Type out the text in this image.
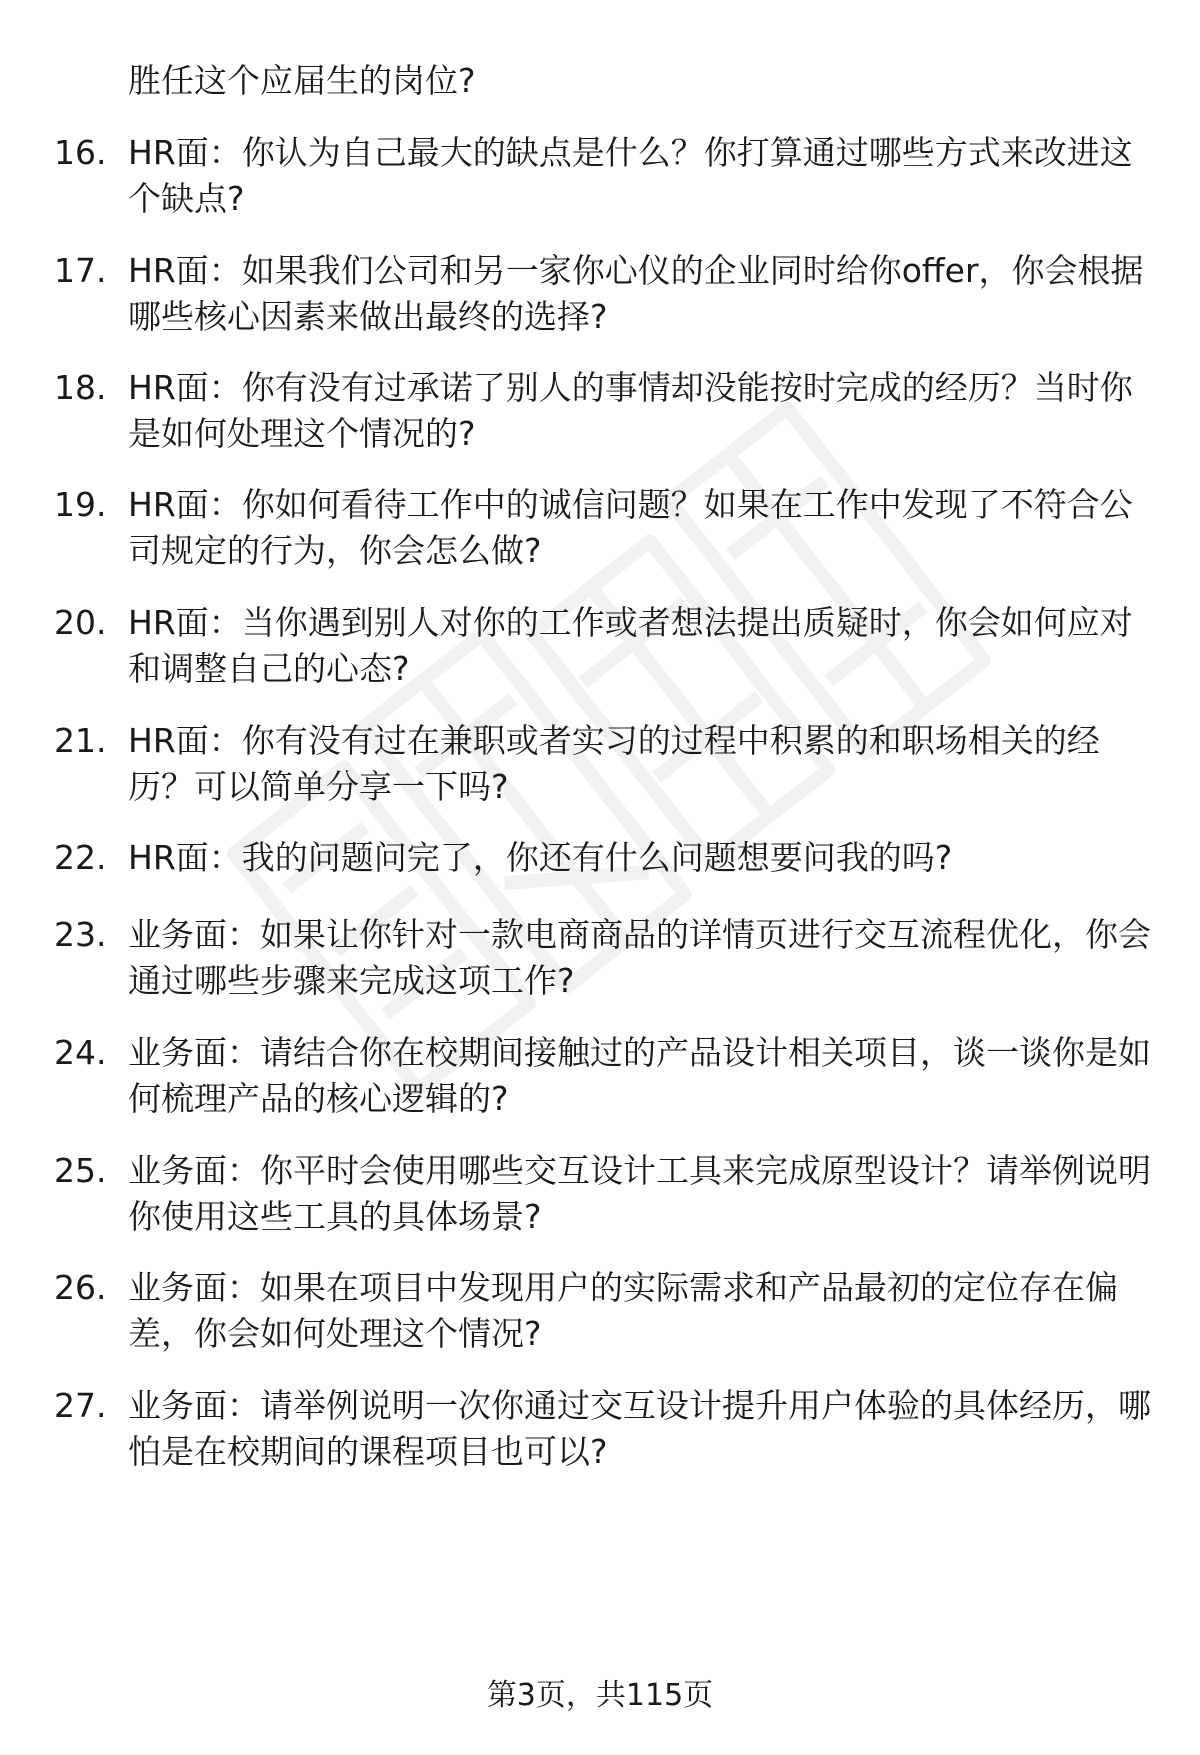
胜任这个应届生的岗位?
16. HR面：你认为自己最大的缺点是什么？你打算通过哪些方式来改进这个缺点?
17. HR面：如果我们公司和另一家你心仪的企业同时给你offer，你会根据哪些核心因素来做出最终的选择?
18. HR面：你有没有过承诺了别人的事情却没能按时完成的经历？当时你是如何处理这个情况的?
19. HR面：你如何看待工作中的诚信问题？如果在工作中发现了不符合公司规定的行为，你会怎么做?
20. HR面：当你遇到别人对你的工作或者想法提出质疑时，你会如何应对和调整自己的心态?
21. HR面：你有没有过在兼职或者实习的过程中积累的和职场相关的经历？可以简单分享一下吗?
22. HR面：我的问题问完了，你还有什么问题想要问我的吗?
23. 业务面：如果让你针对一款电商商品的详情页进行交互流程优化，你会通过哪些步骤来完成这项工作?
24. 业务面：请结合你在校期间接触过的产品设计相关项目，谈一谈你是如何梳理产品的核心逻辑的?
25. 业务面：你平时会使用哪些交互设计工具来完成原型设计？请举例说明你使用这些工具的具体场景?
26. 业务面：如果在项目中发现用户的实际需求和产品最初的定位存在偏差，你会如何处理这个情况?
27. 业务面：请举例说明一次你通过交互设计提升用户体验的具体经历，哪怕是在校期间的课程项目也可以?
第3页，共115页
